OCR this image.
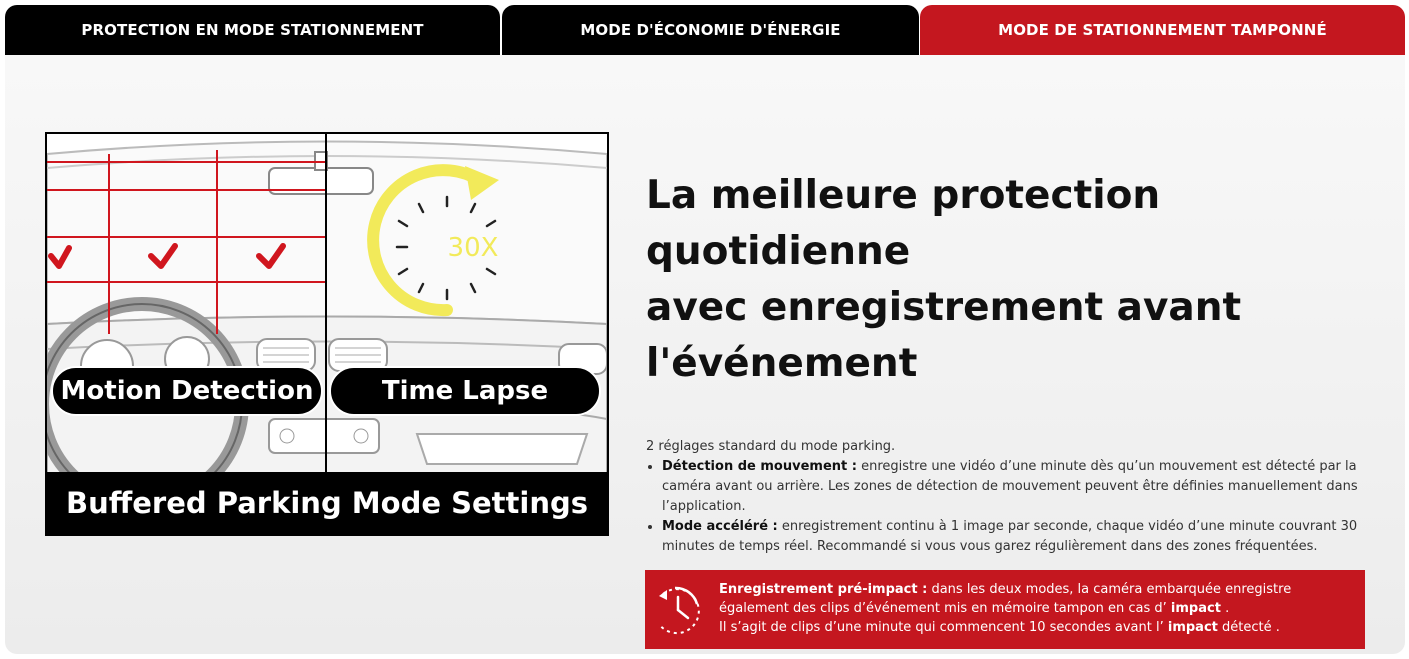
PROTECTION EN MODE STATIONNEMENT	MODE D'ÉCONOMIE D'ÉNERGIE	MODE DE STATIONNEMENT TAMPONNÉ
30X
Motion Detection	Time Lapse
Buffered Parking Mode Settings
La meilleure protection
quotidienne
avec enregistrement avant
l'événement
2 réglages standard du mode parking.
• Détection de mouvement : enregistre une vidéo d’une minute dès qu’un mouvement est détecté par la caméra avant ou arrière. Les zones de détection de mouvement peuvent être définies manuellement dans l’application.
• Mode accéléré : enregistrement continu à 1 image par seconde, chaque vidéo d’une minute couvrant 30 minutes de temps réel. Recommandé si vous vous garez régulièrement dans des zones fréquentées.
Enregistrement pré-impact : dans les deux modes, la caméra embarquée enregistre également des clips d’événement mis en mémoire tampon en cas d’ impact .
Il s’agit de clips d’une minute qui commencent 10 secondes avant l’ impact détecté .
